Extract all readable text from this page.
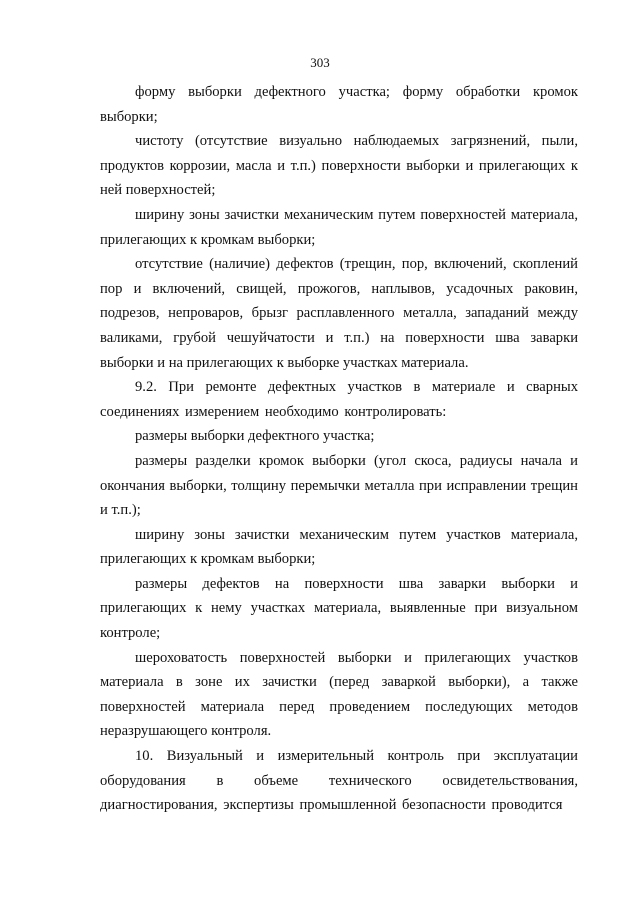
303

форму выборки дефектного участка; форму обработки кромок выборки;

чистоту (отсутствие визуально наблюдаемых загрязнений, пыли, продуктов коррозии, масла и т.п.) поверхности выборки и прилегающих к ней поверхностей;

ширину зоны зачистки механическим путем поверхностей материала, прилегающих к кромкам выборки;

отсутствие (наличие) дефектов (трещин, пор, включений, скоплений пор и включений, свищей, прожогов, наплывов, усадочных раковин, подрезов, непроваров, брызг расплавленного металла, западаний между валиками, грубой чешуйчатости и т.п.) на поверхности шва заварки выборки и на прилегающих к выборке участках материала.

9.2. При ремонте дефектных участков в материале и сварных соединениях измерением необходимо контролировать:

размеры выборки дефектного участка;

размеры разделки кромок выборки (угол скоса, радиусы начала и окончания выборки, толщину перемычки металла при исправлении трещин и т.п.);

ширину зоны зачистки механическим путем участков материала, прилегающих к кромкам выборки;

размеры дефектов на поверхности шва заварки выборки и прилегающих к нему участках материала, выявленные при визуальном контроле;

шероховатость поверхностей выборки и прилегающих участков материала в зоне их зачистки (перед заваркой выборки), а также поверхностей материала перед проведением последующих методов неразрушающего контроля.

10. Визуальный и измерительный контроль при эксплуатации оборудования в объеме технического освидетельствования, диагностирования, экспертизы промышленной безопасности проводится
